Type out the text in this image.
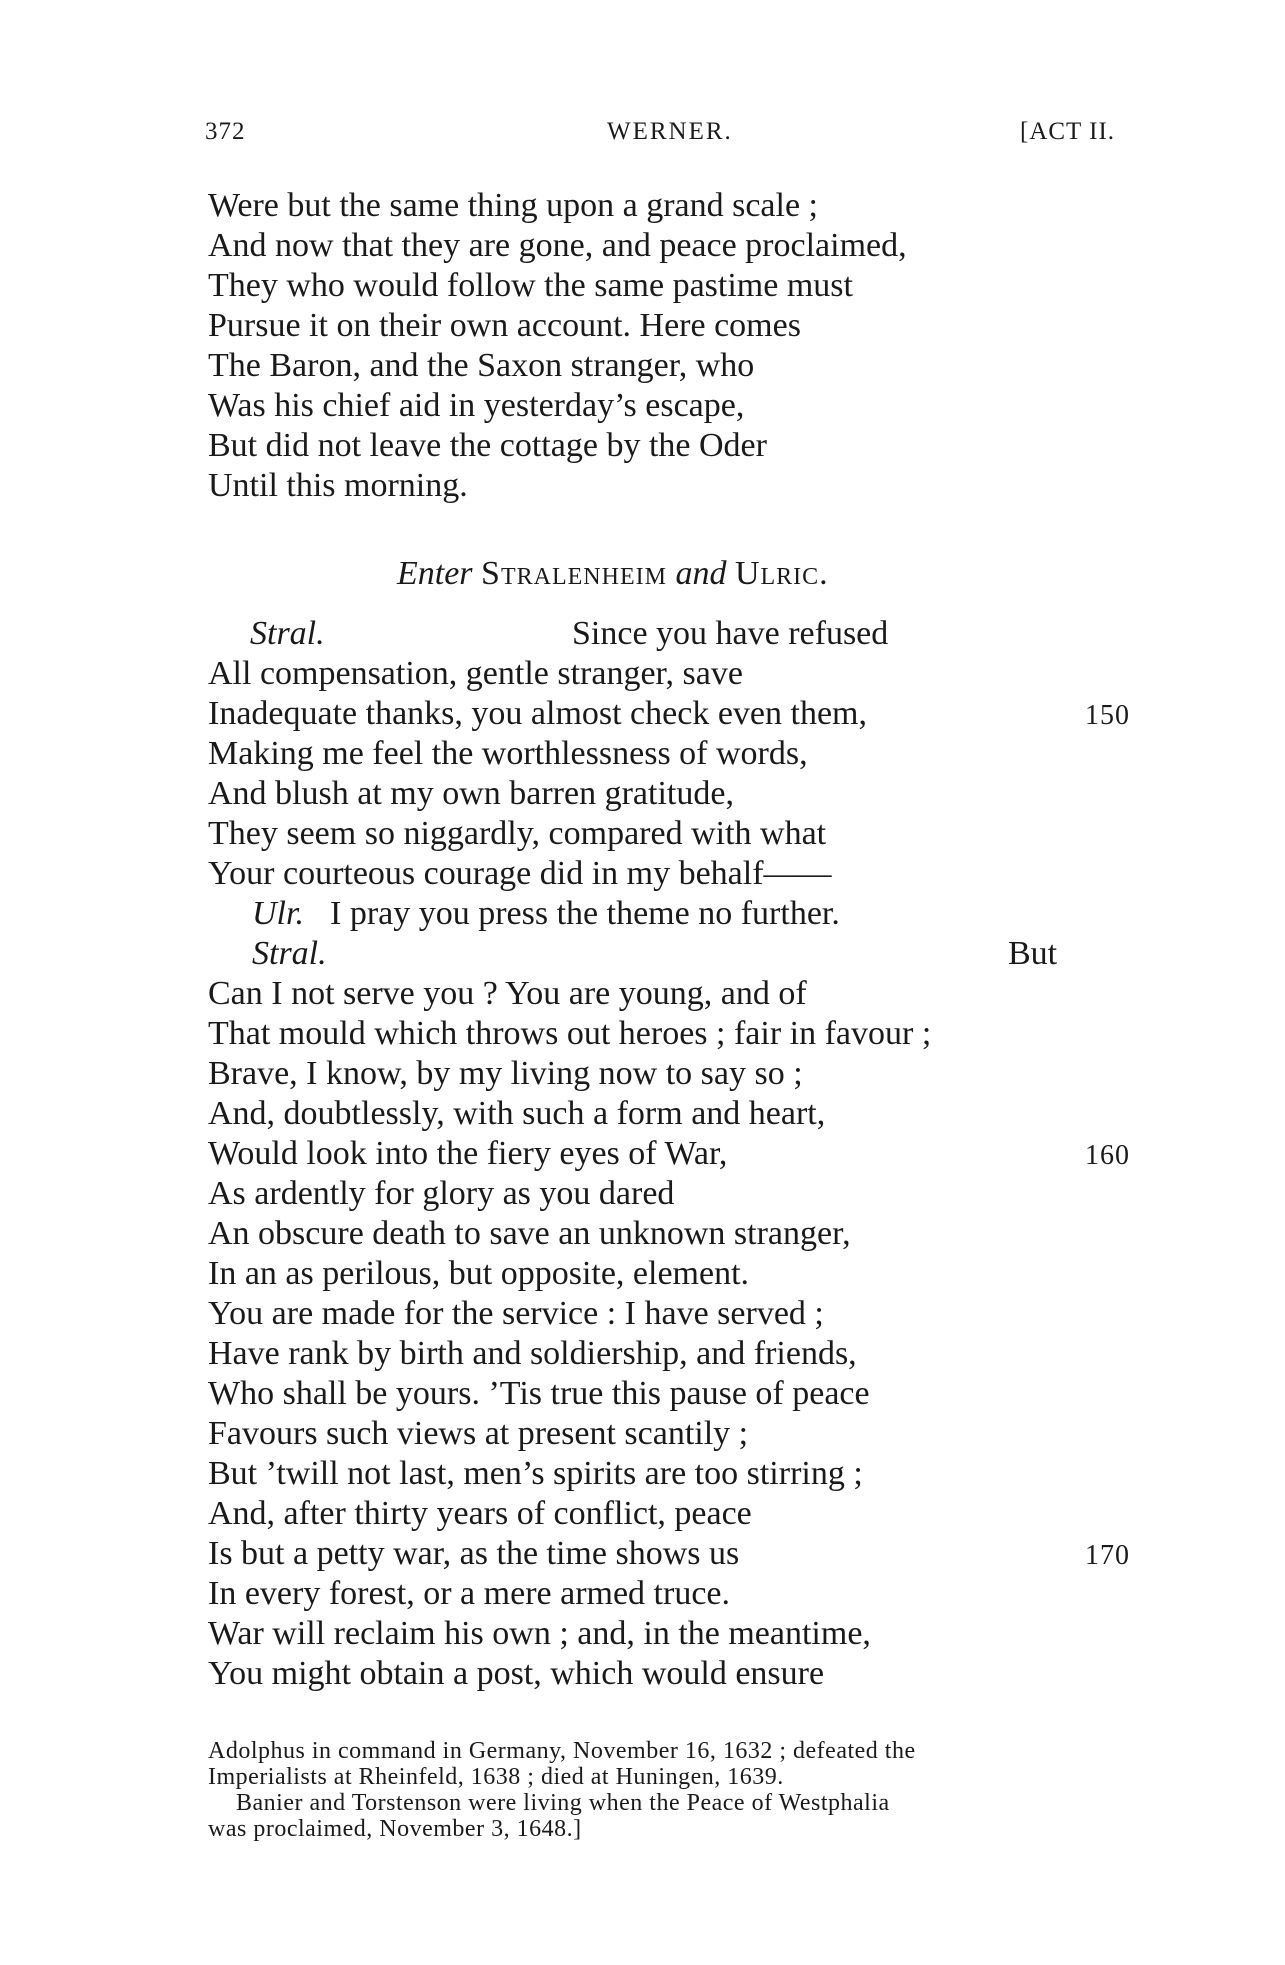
372	WERNER.	[ACT II.
Were but the same thing upon a grand scale ;
And now that they are gone, and peace proclaimed,
They who would follow the same pastime must
Pursue it on their own account. Here comes
The Baron, and the Saxon stranger, who
Was his chief aid in yesterday’s escape,
But did not leave the cottage by the Oder
Until this morning.
Enter Stralenheim and Ulric.
Stral.	Since you have refused
All compensation, gentle stranger, save
Inadequate thanks, you almost check even them,	150
Making me feel the worthlessness of words,
And blush at my own barren gratitude,
They seem so niggardly, compared with what
Your courteous courage did in my behalf——
Ulr. I pray you press the theme no further.
Stral.	But
Can I not serve you ? You are young, and of
That mould which throws out heroes ; fair in favour ;
Brave, I know, by my living now to say so ;
And, doubtlessly, with such a form and heart,
Would look into the fiery eyes of War,	160
As ardently for glory as you dared
An obscure death to save an unknown stranger,
In an as perilous, but opposite, element.
You are made for the service : I have served ;
Have rank by birth and soldiership, and friends,
Who shall be yours. ’Tis true this pause of peace
Favours such views at present scantily ;
But ’twill not last, men’s spirits are too stirring ;
And, after thirty years of conflict, peace
Is but a petty war, as the time shows us	170
In every forest, or a mere armed truce.
War will reclaim his own ; and, in the meantime,
You might obtain a post, which would ensure
Adolphus in command in Germany, November 16, 1632 ; defeated the
Imperialists at Rheinfeld, 1638 ; died at Huningen, 1639.
Banier and Torstenson were living when the Peace of Westphalia
was proclaimed, November 3, 1648.]
